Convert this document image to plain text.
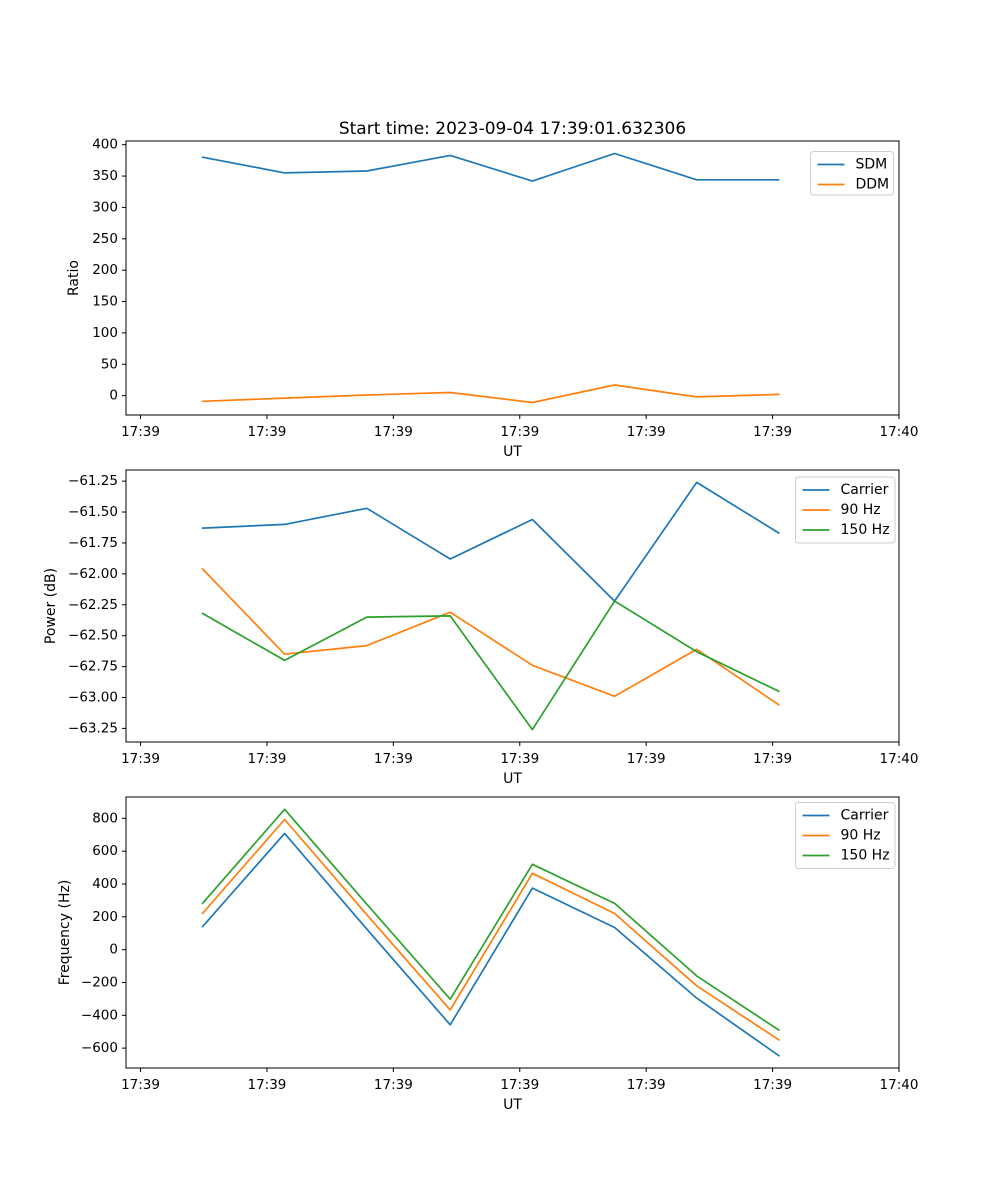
Start time: 2023-09-04 17:39:01.632306
17:39	17:39	17:39	17:39	17:39	17:39	17:40
0
50
100
150
200
250
300
350
400
UT
Ratio
SDM
DDM
17:39	17:39	17:39	17:39	17:39	17:39	17:40
−63.25
−63.00
−62.75
−62.50
−62.25
−62.00
−61.75
−61.50
−61.25
UT
Power (dB)
Carrier
90 Hz
150 Hz
17:39	17:39	17:39	17:39	17:39	17:39	17:40
−600
−400
−200
0
200
400
600
800
UT
Frequency (Hz)
Carrier
90 Hz
150 Hz
